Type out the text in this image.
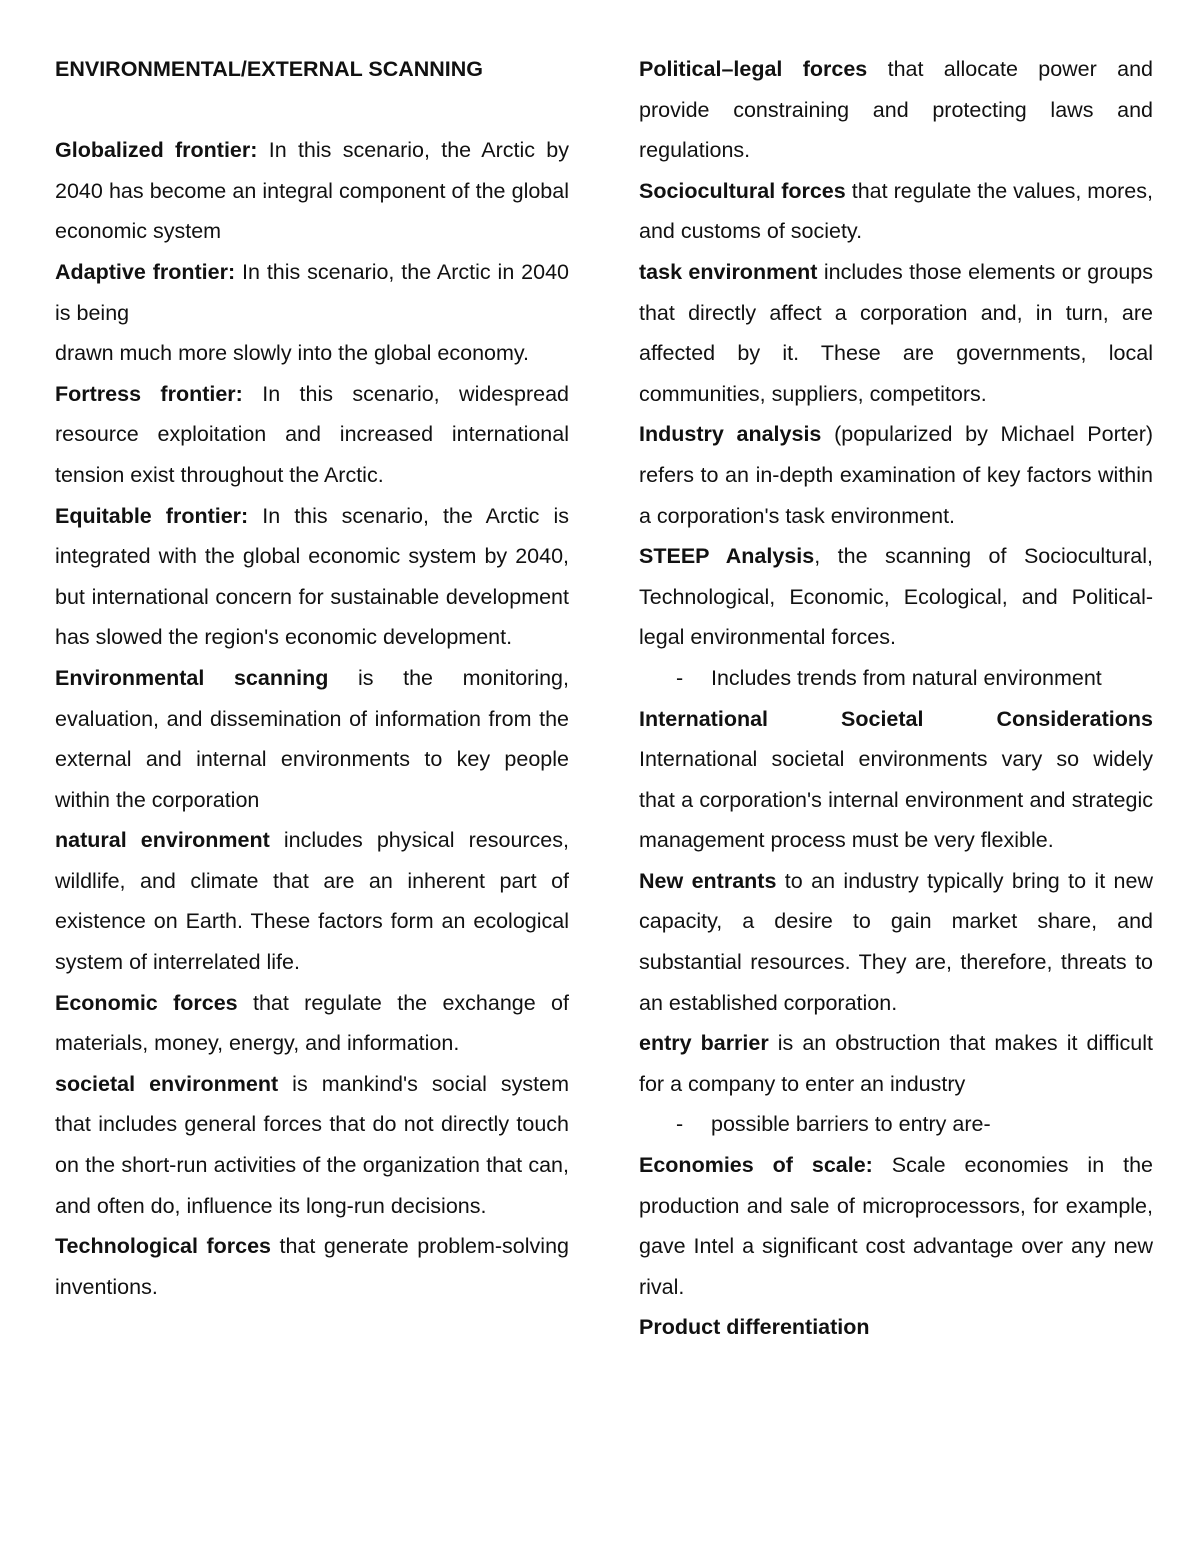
ENVIRONMENTAL/EXTERNAL SCANNING

Globalized frontier: In this scenario, the Arctic by 2040 has become an integral component of the global economic system

Adaptive frontier: In this scenario, the Arctic in 2040 is being

drawn much more slowly into the global economy.

Fortress frontier: In this scenario, widespread resource exploitation and increased international tension exist throughout the Arctic.

Equitable frontier: In this scenario, the Arctic is integrated with the global economic system by 2040, but international concern for sustainable development has slowed the region's economic development.

Environmental scanning is the monitoring, evaluation, and dissemination of information from the external and internal environments to key people within the corporation

natural environment includes physical resources, wildlife, and climate that are an inherent part of existence on Earth. These factors form an ecological system of interrelated life.

Economic forces that regulate the exchange of materials, money, energy, and information.

societal environment is mankind's social system that includes general forces that do not directly touch on the short-run activities of the organization that can, and often do, influence its long-run decisions.

Technological forces that generate problem-solving inventions.

Political–legal forces that allocate power and provide constraining and protecting laws and regulations.

Sociocultural forces that regulate the values, mores, and customs of society.

task environment includes those elements or groups that directly affect a corporation and, in turn, are affected by it. These are governments, local communities, suppliers, competitors.

Industry analysis (popularized by Michael Porter) refers to an in-depth examination of key factors within a corporation's task environment.

STEEP Analysis, the scanning of Sociocultural, Technological, Economic, Ecological, and Political-legal environmental forces.

- Includes trends from natural environment

International Societal Considerations

International societal environments vary so widely that a corporation's internal environment and strategic management process must be very flexible.

New entrants to an industry typically bring to it new capacity, a desire to gain market share, and substantial resources. They are, therefore, threats to an established corporation.

entry barrier is an obstruction that makes it difficult for a company to enter an industry

- possible barriers to entry are-

Economies of scale: Scale economies in the production and sale of microprocessors, for example, gave Intel a significant cost advantage over any new rival.

Product differentiation
